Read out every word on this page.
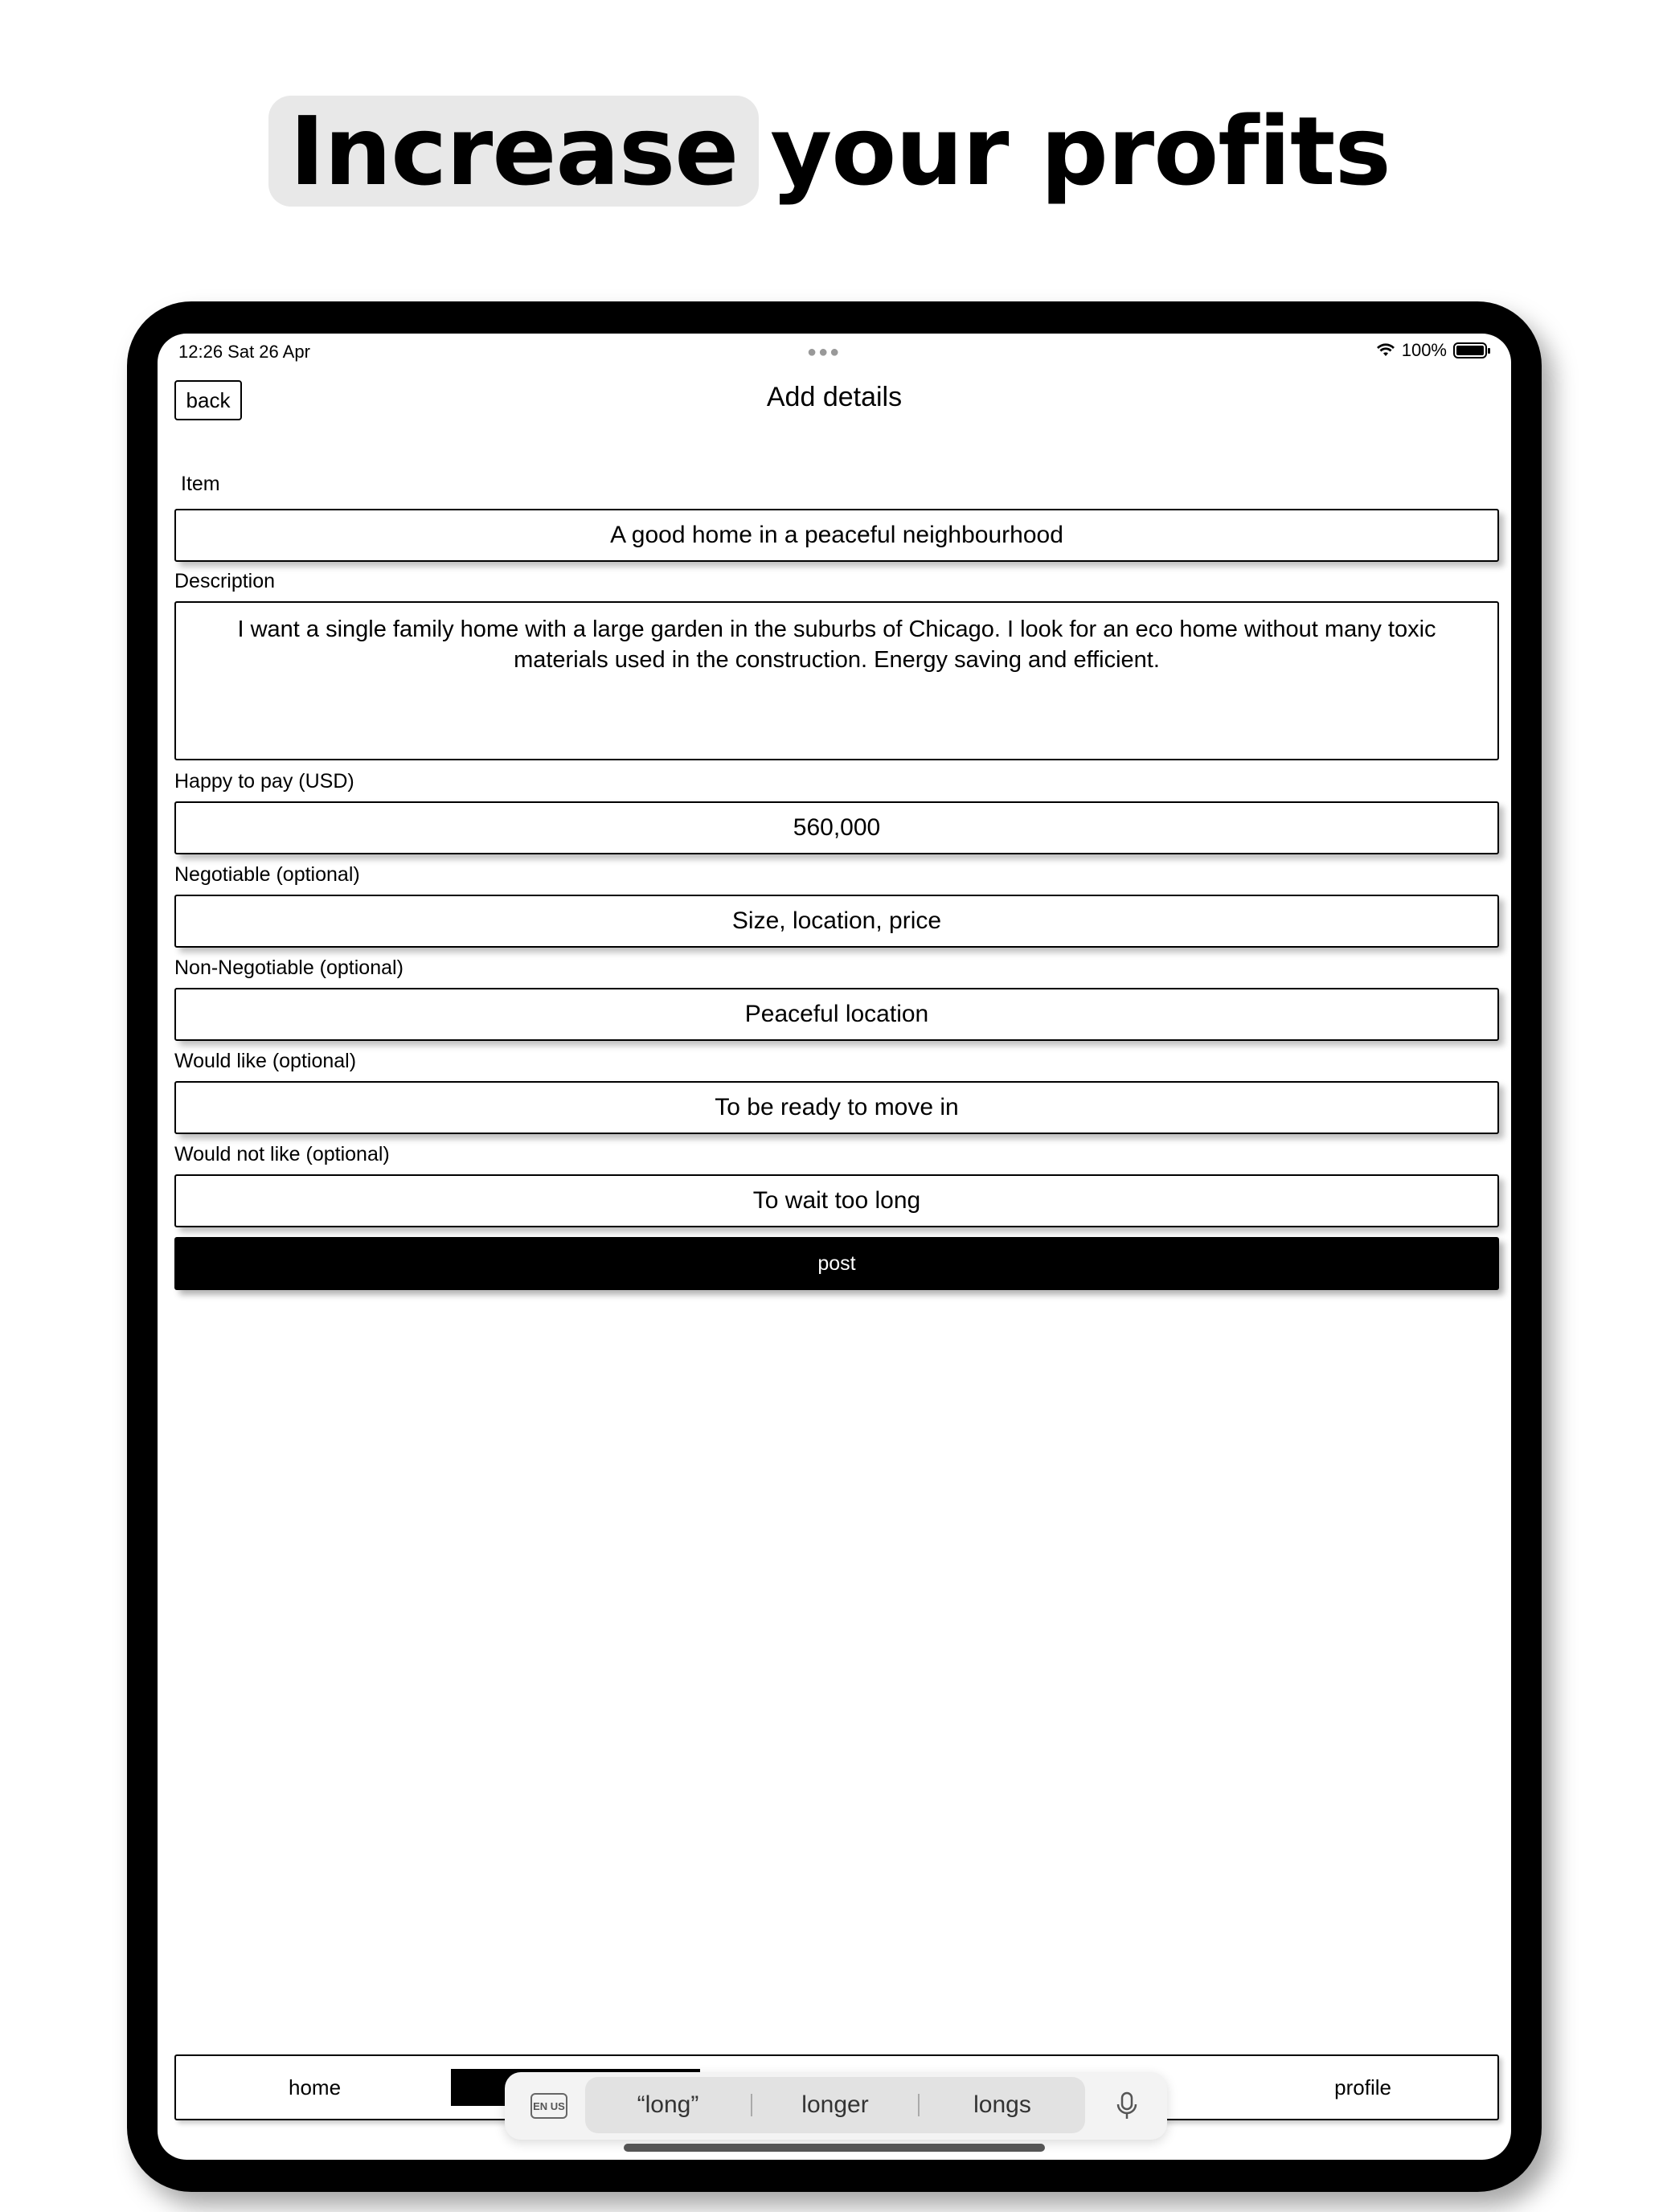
Increase your profits
12:26 Sat 26 Apr	●●●	100%
back	Add details
Item
A good home in a peaceful neighbourhood
Description
I want a single family home with a large garden in the suburbs of Chicago. I look for an eco home without many toxic materials used in the construction. Energy saving and efficient.
Happy to pay (USD)
560,000
Negotiable (optional)
Size, location, price
Non-Negotiable (optional)
Peaceful location
Would like (optional)
To be ready to move in
Would not like (optional)
To wait too long
post
home	profile
EN US	“long”	longer	longs
